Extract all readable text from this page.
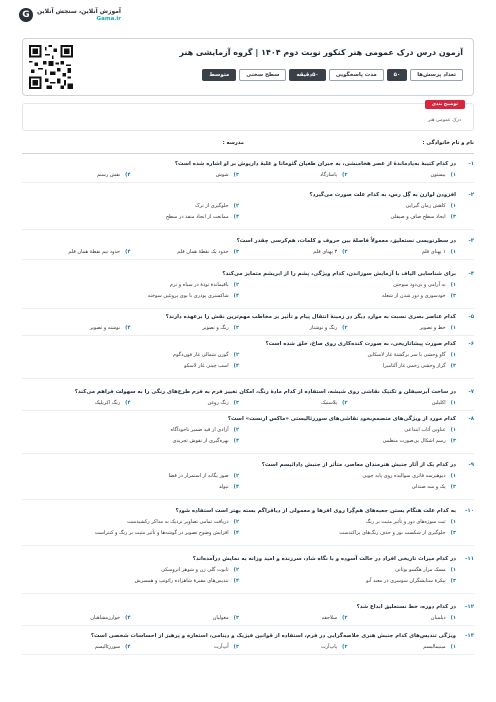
G آموزش آنلاین، سنجش آنلاین
Gama.ir
آزمون درس درک عمومی هنر کنکور نوبت دوم ۱۴۰۴ | گروه آزمایشی هنر
تعداد پرسش‌ها
۵۰
مدت پاسخگویی
۵۰دقیقه
سطح سختی
متوسط
توضیح بندی
درک عمومی هنر
نام و نام خانوادگی :
مدرسه :
۱-
در کدام کتیبهٔ به‌یادماندهٔ از عصر هخامنشی، به جبران طغیان گئوماتا و غلبهٔ داریوش بر او اشاره شده است؟
۱)
بیستون
۲)
پاسارگاد
۳)
شوش
۴)
نقش رستم
۲-
افزودن لوازن به گِل رس، به کدام علت صورت می‌گیرد؟
۱)
کاهش زمان گیرایی
۲)
جلوگیری از ترک
۳)
ایجاد سطح صاف و صیقلی
۴)
ممانعت از ایجاد منفذ در سطح
۳-
در سطرنویسی نستعلیق، معمولاً فاصلهٔ بین حروف و کلمات، هم‌کرسی چقدر است؟
۱)
۱ پهنای قلم
۲)
۳ پهنای قلم
۳)
حدود یک نقطهٔ همان قلم
۴)
حدود نیم نقطهٔ همان قلم
۴-
برای شناسایی الیاف با آزمایش سوزاندن، کدام ویژگی، پشم را از ابریشم متمایز می‌کند؟
۱)
به آرامی و بی‌دود سوختن
۲)
باقیماندهٔ تودهٔ در سیاه و نرم
۳)
خودسوزی و دور شدن از شعله
۴)
شاکستری پودری با بوی پروتئین سوخته
۵-
کدام عناصر بصری نسبت به موارد دیگر در زمینهٔ انتقال پیام و تأثیر بر مخاطب مهم‌ترین نقش را برعهده دارند؟
۱)
خط و تصویر
۲)
رنگ و نوشتار
۳)
رنگ و تصویر
۴)
نوشته و تصویر
۶-
کدام صورت پیشاتاریخی، به صورت کنده‌کاری روی صاخ، خلق شده است؟
۱)
گاو وحشی با سر برگشتهٔ غار لاسکاین
۲)
گوزن شمالی غار فون‌دگوم
۳)
گراز وحشی زخمی غار آلتامیرا
۴)
اسب چینی غار لاسکو
۷-
در ساخت آبرسیفلن و تکنیک نقاشی روی شیشه، استفاده از کدام مادهٔ رنگ، امکان تغییر فرم به فرم طرح‌های رنگی را به سهولت فراهم می‌کند؟
۱)
اکلیلین
۲)
پلاستیک
۳)
رنگ روغن
۴)
رنگ اکریلیک
۸-
کدام مورد از ویژگی‌های متصمم‌بخود نقاشی‌های سوررئالیستی «ماکس ارنست» است؟
۱)
عناوین آثاب ابتداعی
۲)
آزادی از قید ضمیر ناخودآگاه
۳)
رسم اشکال بی‌صورت منظمی
۴)
بهره‌گیری از نقوش تجریدی
۹-
در کدام یک از آثار جنبش هنرمندان معاصر، متأثر از جنبش دادائیسم است؟
۱)
دیوهیرسه فاتری سوالیده روی پایه چوبی
۲)
صور یگانه از استمرار در فضا
۳)
یک و سه صندلی
۴)
تیولد
۱۰-
به کدام علت هنگام بستن جعبه‌های هم‌گِرا روی افرها و معمولی از دیافراگم بسته بهتر است استفاده شود؟
۱)
ثبت سوژه‌های دور و تأثیر مثبت بر رنگ
۲)
دریافت تمامی تصاویر نزدیک به مداکر رکشیدست
۳)
جلوگیری از شکست نور و حذف رنگ‌های پراکندست
۴)
افزایش وضوح تصویر در گوشه‌ها و تأثیر مثبت بر رنگ و کنتراست
۱۱-
در کدام میراث تاریخی افراد در حالت آسوده و با نگاه شاد، سرزنده و امید وزانه به نمایش درآمده‌اند؟
۱)
مسک مزار هگسو بوتانی
۲)
تابوت گلی زن و شوهر اتروسکی
۳)
پیکرهٔ ستایشگران سوسری در معبد آبو
۴)
تندیس‌های مقبرهٔ شاهزاده رائوتپ و همسرش
۱۲-
در کدام دوره، خط نستعلیق ابداع شد؟
۱)
دیلمیان
۲)
سلاجقه
۳)
مغولیان
۴)
خوارزمشاهیان
۱۳-
ویژگی تندیس‌های کدام جنبش هنری خلاصه‌گرایی در فرم، استفاده از قوانین فیزیک و دینامی، استعاره و پرهیز از احساسات شخصی است؟
۱)
مینیمالیسم
۲)
پاپ‌آرت
۳)
اُپ‌آرت
۴)
سوررئالیسم
